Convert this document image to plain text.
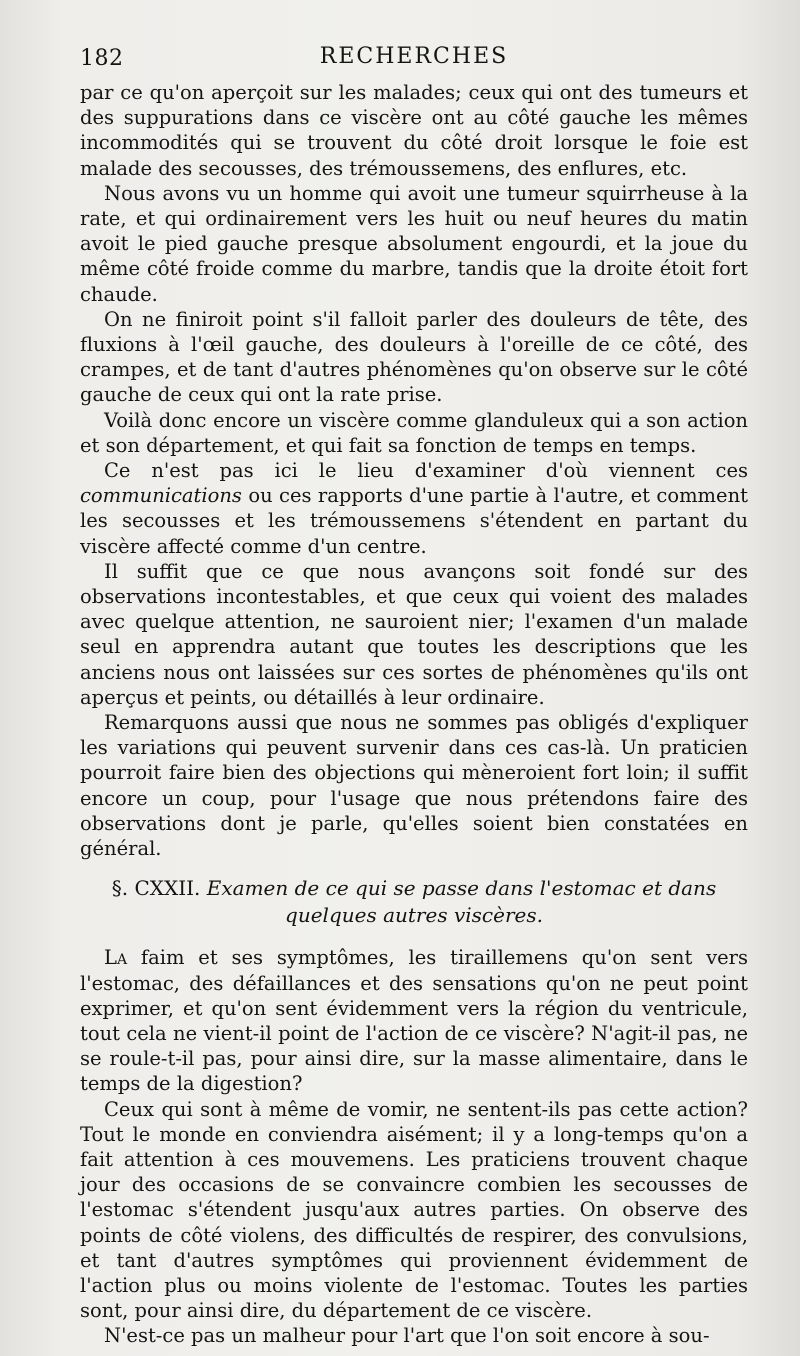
182	RECHERCHES

par ce qu'on aperçoit sur les malades; ceux qui ont des tumeurs et des suppurations dans ce viscère ont au côté gauche les mêmes incommodités qui se trouvent du côté droit lorsque le foie est malade des secousses, des trémoussemens, des enflures, etc.

Nous avons vu un homme qui avoit une tumeur squirrheuse à la rate, et qui ordinairement vers les huit ou neuf heures du matin avoit le pied gauche presque absolument engourdi, et la joue du même côté froide comme du marbre, tandis que la droite étoit fort chaude.

On ne finiroit point s'il falloit parler des douleurs de tête, des fluxions à l'œil gauche, des douleurs à l'oreille de ce côté, des crampes, et de tant d'autres phénomènes qu'on observe sur le côté gauche de ceux qui ont la rate prise.

Voilà donc encore un viscère comme glanduleux qui a son action et son département, et qui fait sa fonction de temps en temps.

Ce n'est pas ici le lieu d'examiner d'où viennent ces communications ou ces rapports d'une partie à l'autre, et comment les secousses et les trémoussemens s'étendent en partant du viscère affecté comme d'un centre.

Il suffit que ce que nous avançons soit fondé sur des observations incontestables, et que ceux qui voient des malades avec quelque attention, ne sauroient nier; l'examen d'un malade seul en apprendra autant que toutes les descriptions que les anciens nous ont laissées sur ces sortes de phénomènes qu'ils ont aperçus et peints, ou détaillés à leur ordinaire.

Remarquons aussi que nous ne sommes pas obligés d'expliquer les variations qui peuvent survenir dans ces cas-là. Un praticien pourroit faire bien des objections qui mèneroient fort loin; il suffit encore un coup, pour l'usage que nous prétendons faire des observations dont je parle, qu'elles soient bien constatées en général.

§. CXXII. Examen de ce qui se passe dans l'estomac et dans quelques autres viscères.

La faim et ses symptômes, les tiraillemens qu'on sent vers l'estomac, des défaillances et des sensations qu'on ne peut point exprimer, et qu'on sent évidemment vers la région du ventricule, tout cela ne vient-il point de l'action de ce viscère? N'agit-il pas, ne se roule-t-il pas, pour ainsi dire, sur la masse alimentaire, dans le temps de la digestion?

Ceux qui sont à même de vomir, ne sentent-ils pas cette action? Tout le monde en conviendra aisément; il y a long-temps qu'on a fait attention à ces mouvemens. Les praticiens trouvent chaque jour des occasions de se convaincre combien les secousses de l'estomac s'étendent jusqu'aux autres parties. On observe des points de côté violens, des difficultés de respirer, des convulsions, et tant d'autres symptômes qui proviennent évidemment de l'action plus ou moins violente de l'estomac. Toutes les parties sont, pour ainsi dire, du département de ce viscère.

N'est-ce pas un malheur pour l'art que l'on soit encore à sou-
